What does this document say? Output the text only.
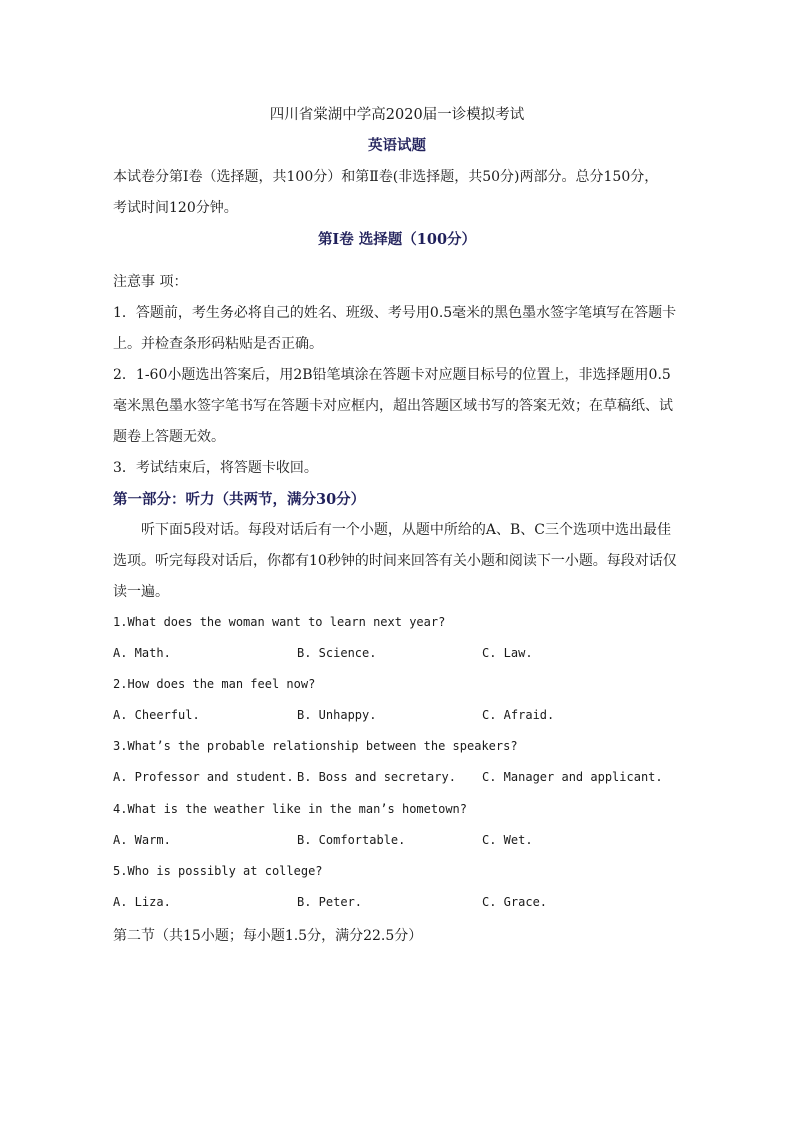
四川省棠湖中学高2020届一诊模拟考试
英语试题
本试卷分第Ⅰ卷（选择题，共100分）和第Ⅱ卷(非选择题，共50分)两部分。总分150分，
考试时间120分钟。
第Ⅰ卷 选择题（100分）
注意事 项：
1．答题前，考生务必将自己的姓名、班级、考号用0.5毫米的黑色墨水签字笔填写在答题卡
上。并检查条形码粘贴是否正确。
2．1-60小题选出答案后，用2B铅笔填涂在答题卡对应题目标号的位置上，非选择题用0.5
毫米黑色墨水签字笔书写在答题卡对应框内，超出答题区域书写的答案无效；在草稿纸、试
题卷上答题无效。
3．考试结束后，将答题卡收回。
第一部分：听力（共两节，满分30分）
听下面5段对话。每段对话后有一个小题，从题中所给的A、B、C三个选项中选出最佳
选项。听完每段对话后，你都有10秒钟的时间来回答有关小题和阅读下一小题。每段对话仅
读一遍。
1.What does the woman want to learn next year?
A. Math.	B. Science.	C. Law.
2.How does the man feel now?
A. Cheerful.	B. Unhappy.	C. Afraid.
3.What’s the probable relationship between the speakers?
A. Professor and student. B. Boss and secretary. C. Manager and applicant.
4.What is the weather like in the man’s hometown?
A. Warm.	B. Comfortable.	C. Wet.
5.Who is possibly at college?
A. Liza.	B. Peter.	C. Grace.
第二节（共15小题；每小题1.5分，满分22.5分）
⠀
